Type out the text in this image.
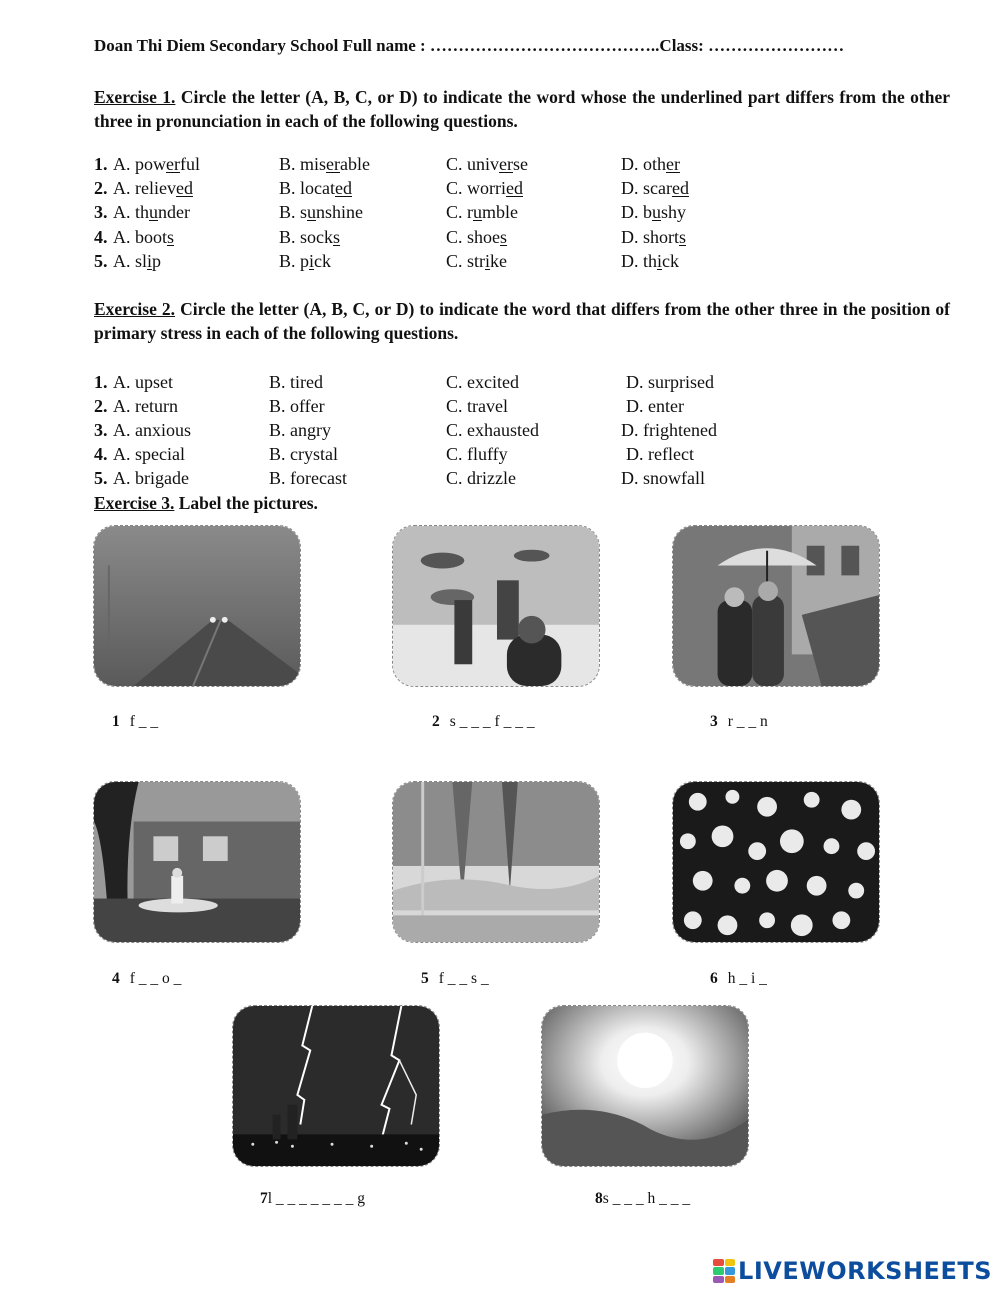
Doan Thi Diem Secondary School Full name : …………………………………..Class: ……………………
Exercise 1. Circle the letter (A, B, C, or D) to indicate the word whose the underlined part differs from the other three in pronunciation in each of the following questions.
1. A. powerful	B. miserable	C. universe	D. other
2. A. relieved	B. located	C. worried	D. scared
3. A. thunder	B. sunshine	C. rumble	D. bushy
4. A. boots	B. socks	C. shoes	D. shorts
5. A. slip	B. pick	C. strike	D. thick
Exercise 2. Circle the letter (A, B, C, or D) to indicate the word that differs from the other three in the position of primary stress in each of the following questions.
1. A. upset	B. tired	C. excited	D. surprised
2. A. return	B. offer	C. travel	D. enter
3. A. anxious	B. angry	C. exhausted	D. frightened
4. A. special	B. crystal	C. fluffy	D. reflect
5. A. brigade	B. forecast	C. drizzle	D. snowfall
Exercise 3. Label the pictures.
1 f _ _	2 s _ _ _ f _ _ _	3 r _ _ n
4 f _ _ o _	5 f _ _ s _	6 h _ i _
7l _ _ _ _ _ _ _ g	8s _ _ _ h _ _ _
LIVEWORKSHEETS
